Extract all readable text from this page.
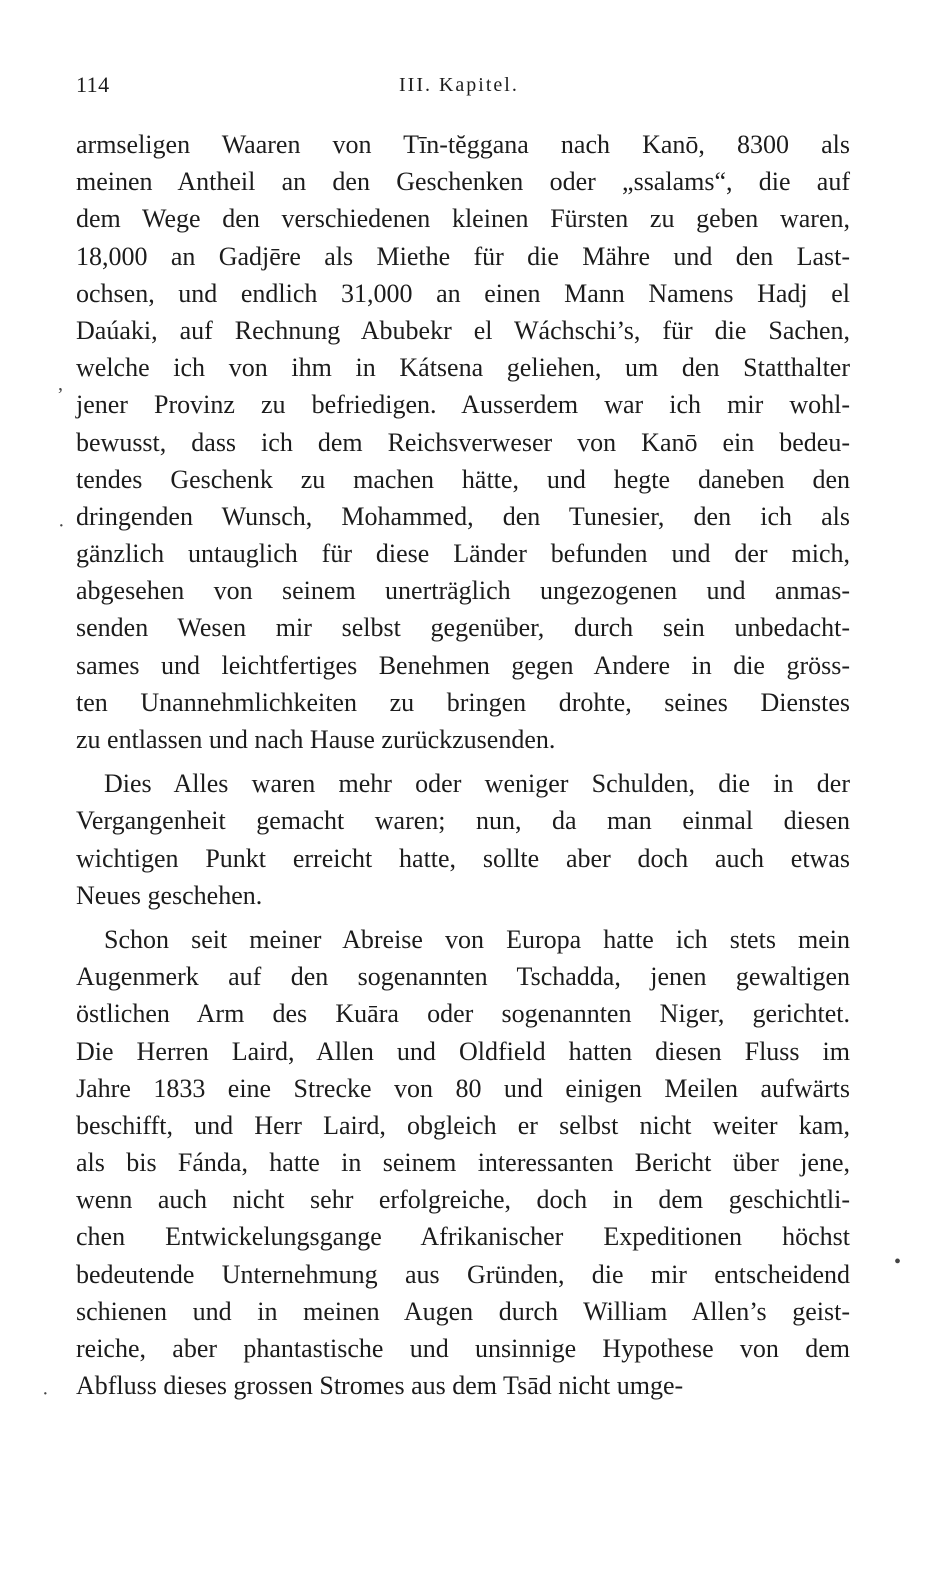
114	III. Kapitel.
armseligen Waaren von Tīn-tĕggana nach Kanō, 8300 als
meinen Antheil an den Geschenken oder „ssalams“, die auf
dem Wege den verschiedenen kleinen Fürsten zu geben waren,
18,000 an Gadjēre als Miethe für die Mähre und den Last-
ochsen, und endlich 31,000 an einen Mann Namens Hadj el
Daúaki, auf Rechnung Abubekr el Wáchschi’s, für die Sachen,
welche ich von ihm in Kátsena geliehen, um den Statthalter
jener Provinz zu befriedigen. Ausserdem war ich mir wohl-
bewusst, dass ich dem Reichsverweser von Kanō ein bedeu-
tendes Geschenk zu machen hätte, und hegte daneben den
dringenden Wunsch, Mohammed, den Tunesier, den ich als
gänzlich untauglich für diese Länder befunden und der mich,
abgesehen von seinem unerträglich ungezogenen und anmas-
senden Wesen mir selbst gegenüber, durch sein unbedacht-
sames und leichtfertiges Benehmen gegen Andere in die gröss-
ten Unannehmlichkeiten zu bringen drohte, seines Dienstes
zu entlassen und nach Hause zurückzusenden.
Dies Alles waren mehr oder weniger Schulden, die in der
Vergangenheit gemacht waren; nun, da man einmal diesen
wichtigen Punkt erreicht hatte, sollte aber doch auch etwas
Neues geschehen.
Schon seit meiner Abreise von Europa hatte ich stets mein
Augenmerk auf den sogenannten Tschadda, jenen gewaltigen
östlichen Arm des Kuāra oder sogenannten Niger, gerichtet.
Die Herren Laird, Allen und Oldfield hatten diesen Fluss im
Jahre 1833 eine Strecke von 80 und einigen Meilen aufwärts
beschifft, und Herr Laird, obgleich er selbst nicht weiter kam,
als bis Fánda, hatte in seinem interessanten Bericht über jene,
wenn auch nicht sehr erfolgreiche, doch in dem geschichtli-
chen Entwickelungsgange Afrikanischer Expeditionen höchst
bedeutende Unternehmung aus Gründen, die mir entscheidend
schienen und in meinen Augen durch William Allen’s geist-
reiche, aber phantastische und unsinnige Hypothese von dem
Abfluss dieses grossen Stromes aus dem Tsād nicht umge-
,
·
•
·
